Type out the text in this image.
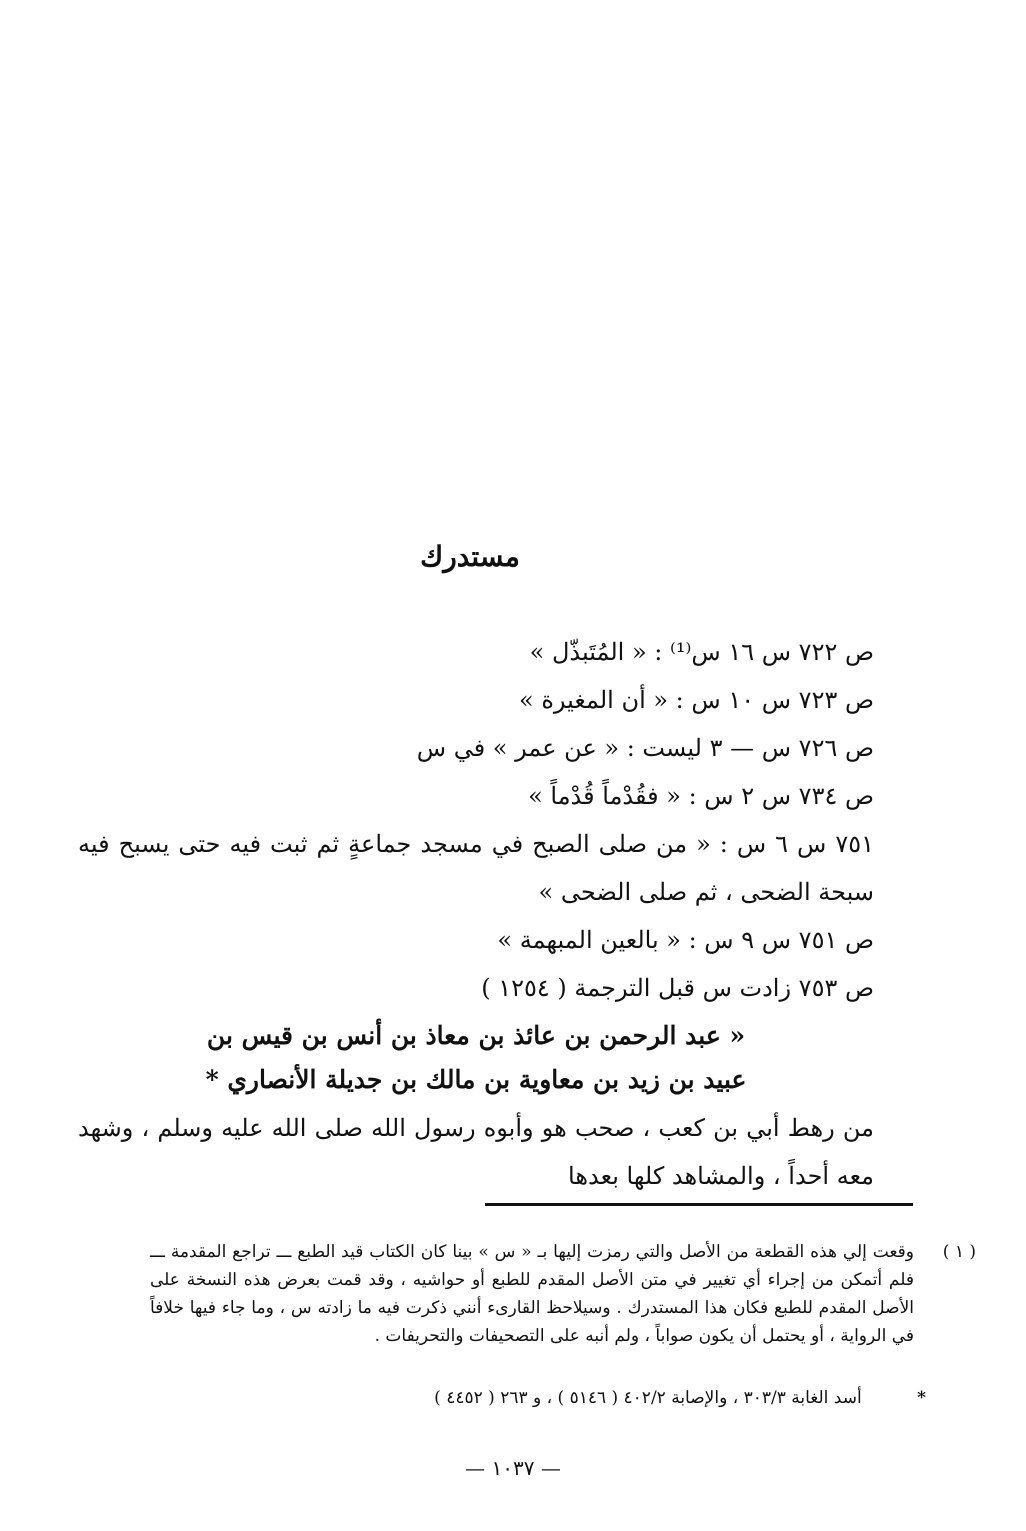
مستدرك
ص ٧٢٢ س ١٦ س⁽¹⁾ : « المُتَبذّل »
ص ٧٢٣ س ١٠ س : « أن المغيرة »
ص ٧٢٦ س — ٣ ليست : « عن عمر » في س
ص ٧٣٤ س ٢ س : « فقُدْماً قُدْماً »
٧٥١ س ٦ س : « من صلى الصبح في مسجد جماعةٍ ثم ثبت فيه حتى يسبح فيه سبحة الضحى ، ثم صلى الضحى »
ص ٧٥١ س ٩ س : « بالعين المبهمة »
ص ٧٥٣ زادت س قبل الترجمة ( ١٢٥٤ )
« عبد الرحمن بن عائذ بن معاذ بن أنس بن قيس بن
عبيد بن زيد بن معاوية بن مالك بن جديلة الأنصاري *
من رهط أبي بن كعب ، صحب هو وأبوه رسول الله صلى الله عليه وسلم ، وشهد معه أحداً ، والمشاهد كلها بعدها
( ١ )
وقعت إلي هذه القطعة من الأصل والتي رمزت إليها بـ « س » بينا كان الكتاب قيد الطبع ـــ تراجع المقدمة ـــ فلم أتمكن من إجراء أي تغيير في متن الأصل المقدم للطبع أو حواشيه ، وقد قمت بعرض هذه النسخة على الأصل المقدم للطبع فكان هذا المستدرك . وسيلاحظ القارىء أنني ذكرت فيه ما زادته س ، وما جاء فيها خلافاً في الرواية ، أو يحتمل أن يكون صواباً ، ولم أنبه على التصحيفات والتحريفات .
* أسد الغابة ٣٠٣/٣ ، والإصابة ٤٠٢/٢ ( ٥١٤٦ ) ، و ٢٦٣ ( ٤٤٥٢ )
— ١٠٣٧ —
